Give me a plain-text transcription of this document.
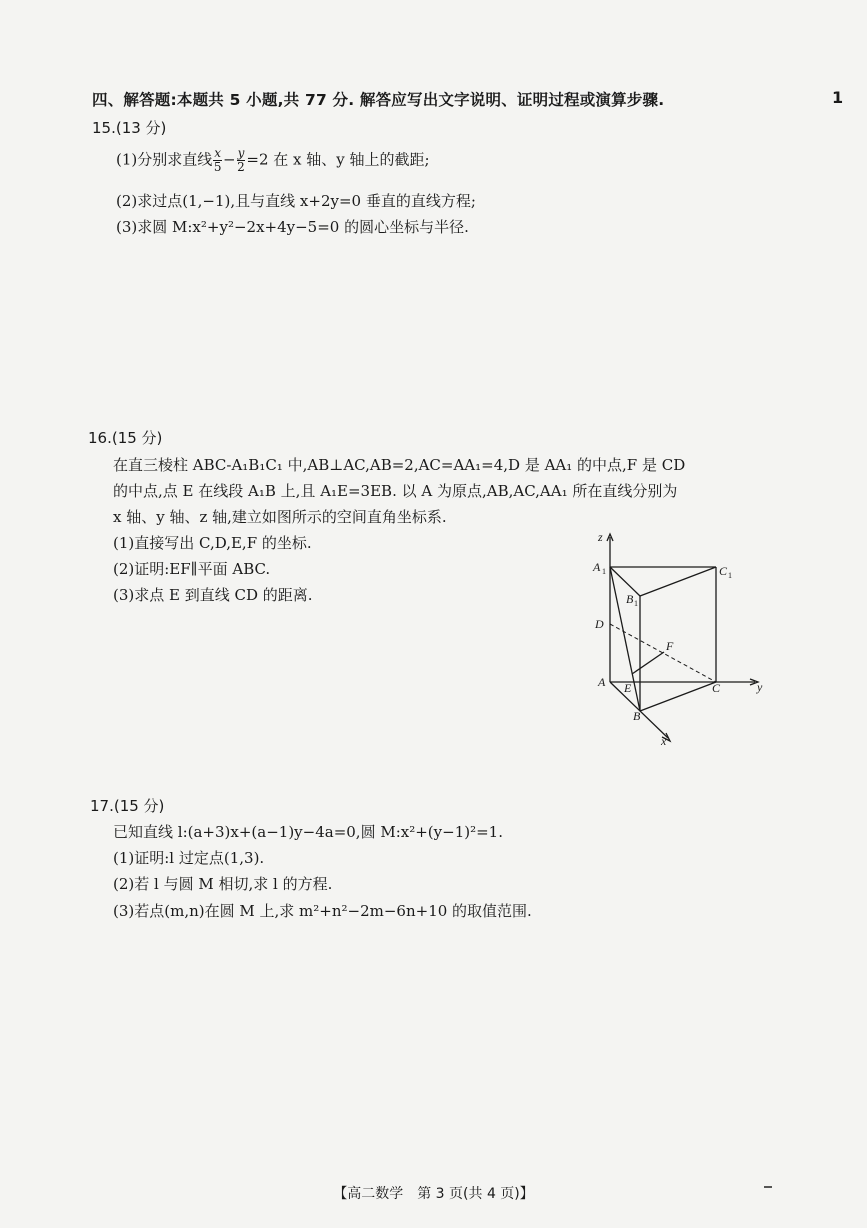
四、解答题:本题共 5 小题,共 77 分. 解答应写出文字说明、证明过程或演算步骤.	1
15.(13 分)
(1)分别求直线 $\frac{x}{5} - \frac{y}{2} =2$ 在 x 轴、y 轴上的截距;
(2)求过点(1,−1),且与直线 x+2y=0 垂直的直线方程;
(3)求圆 M:x²+y²−2x+4y−5=0 的圆心坐标与半径.
16.(15 分)
在直三棱柱 ABC-A₁B₁C₁ 中,AB⊥AC,AB=2,AC=AA₁=4,D 是 AA₁ 的中点,F 是 CD
的中点,点 E 在线段 A₁B 上,且 A₁E=3EB. 以 A 为原点,AB,AC,AA₁ 所在直线分别为
x 轴、y 轴、z 轴,建立如图所示的空间直角坐标系.
(1)直接写出 C,D,E,F 的坐标.
(2)证明:EF∥平面 ABC.
(3)求点 E 到直线 CD 的距离.
z
y
x
A 1
B 1
C 1
D
F
A E	C
B
17.(15 分)
已知直线 l:(a+3)x+(a−1)y−4a=0,圆 M:x²+(y−1)²=1.
(1)证明:l 过定点(1,3).
(2)若 l 与圆 M 相切,求 l 的方程.
(3)若点(m,n)在圆 M 上,求 m²+n²−2m−6n+10 的取值范围.
【高二数学　第 3 页(共 4 页)】
